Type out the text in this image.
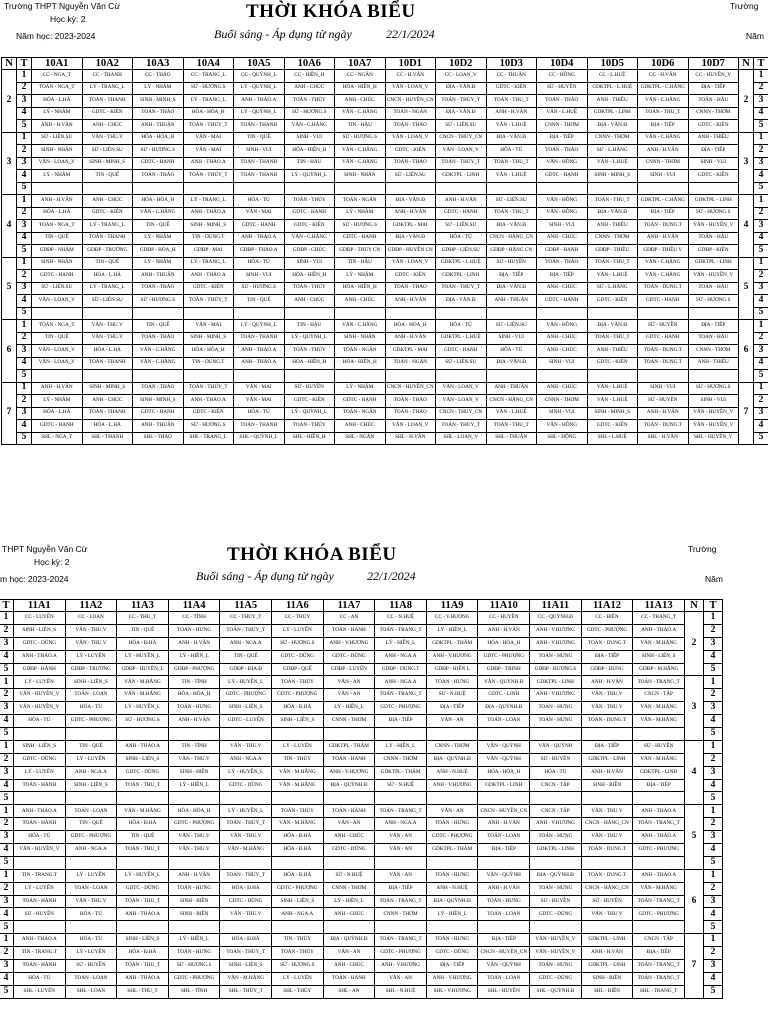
Trường THPT Nguyễn Văn Cừ
Học kỳ: 2
Năm học: 2023-2024
THỜI KHÓA BIỂU
Buổi sáng - Áp dụng từ ngày	22/1/2024
Trường
Năm
N	T	10A1	10A2	10A3	10A4	10A5	10A6	10A7	10D1	10D2	10D3	10D4	10D5	10D6	10D7	N	T
2	1	CC - NGA_T	CC - THANH	CC - THẢO	CC - TRANG_L	CC - QUỲNH_L	CC - HIỀN_H	CC - NGÂN	CC - H.VÂN	CC - LOAN_V	CC - THUẬN	CC - HỒNG	CC - L.HUỆ	CC - H.VÂN	CC - HUYỀN_V	2	1
	2	TOÁN - NGA_T	LÝ - TRANG_L	LÝ - NHÂM	SỬ - HƯƠNG.S	LÝ - QUỲNH_L	ANH - CHÚC	HÓA - HIỀN_H	VĂN - LOAN_V	ĐỊA - VĂN.Đ	GDTC - KIÊN	SỬ - HUYỀN	GDKTPL - L.HUỆ	GDKTPL - C.HẰNG	ĐỊA - TIẾP		2
	3	HÓA - L.HÀ	TOÁN - THANH	SINH - MINH_S	LÝ - TRANG_L	ANH - THẢO.A	TOÁN - THỦY	ANH - CHÚC	CNCN - HUYỀN_CN	TOÁN - THỦY_T	TOÁN - THU_T	TOÁN - THẢO	ANH - THIỀU	VĂN - C.HẰNG	TOÁN - HẬU		3
	4	LÝ - NHÂM	GDTC - KIÊN	TOÁN - THẢO	HÓA - HÒA_H	LÝ - QUỲNH_L	SỬ - HƯƠNG.S	VĂN - C.HẰNG	TOÁN - NGÂN	ĐỊA - VĂN.Đ	ANH - H.VÂN	VĂN - L.HUỆ	GDKTPL - LINH	TOÁN - THU_T	CNNN - THƠM		4
	5	ANH - H.VÂN	ANH - CHÚC	ANH - THUẬN	TOÁN - THỦY_T	TOÁN - THANH	VĂN - C.HẰNG	TIN - HẬU	TOÁN - THẢO	SỬ - LIÊN.SU	VĂN - L.HUỆ	CNNN - THƠM	ĐỊA - VĂN.Đ	ĐỊA - TIẾP	GDTC - KIÊN		5
3	1	SỬ - LIÊN.SU	VĂN - THU.V	HÓA - HÒA_H	VĂN - MAI	TIN - QUẾ	SINH - VUI	SỬ - HƯƠNG.S	VĂN - LOAN_V	CNCN - THỦY_CN	ĐỊA - VĂN.Đ	ĐỊA - TIẾP	CNNN - THƠM	VĂN - C.HẰNG	ANH - THIỀU	3	1
	2	SINH - NHÂN	SỬ - LIÊN.SU	SỬ - HƯƠNG.S	VĂN - MAI	SINH - VUI	HÓA - HIỀN_H	VĂN - C.HẰNG	GDTC - KIÊN	VĂN - LOAN_V	HÓA - TÚ	TOÁN - THẢO	SỬ - L.HẰNG	ANH - H.VÂN	ĐỊA - TIẾP		2
	3	VĂN - LOAN_V	SINH - MINH_S	GDTC - HẠNH	ANH - THẢO.A	TOÁN - THANH	TIN - HẬU	VĂN - C.HẰNG	TOÁN - THẢO	TOÁN - THỦY_T	TOÁN - THU_T	VĂN - HỒNG	VĂN - L.HUỆ	CNNN - THƠM	SINH - VUI		3
	4	LÝ - NHÂM	TIN - QUẾ	TOÁN - THẢO	TOÁN - THỦY_T	TOÁN - THANH	LÝ - QUỲNH_L	SINH - NHÂN	SỬ - LIÊN.SU	GDKTPL - LINH	VĂN - L.HUỆ	GDTC - HẠNH	SINH - MINH_S	SINH - VUI	GDTC - KIÊN		4
	5																5
4	1	ANH - H.VÂN	ANH - CHÚC	HÓA - HÒA_H	LÝ - TRANG_L	HÓA - TÚ	TOÁN - THỦY	TOÁN - NGÂN	ĐỊA - VĂN.Đ	ANH - H.VÂN	SỬ - LIÊN.SU	VĂN - HỒNG	TOÁN - THU_T	GDKTPL - C.HẰNG	GDKTPL - LINH	4	1
	2	HÓA - L.HÀ	GDTC - KIÊN	VĂN - C.HẰNG	ANH - THẢO.A	VĂN - MAI	GDTC - HẠNH	LÝ - NHÂM	ANH - H.VÂN	GDTC - HẠNH	TOÁN - THU_T	VĂN - HỒNG	ĐỊA - VĂN.Đ	ĐỊA - TIẾP	SỬ - HƯƠNG.S		2
	3	TOÁN - NGA_T	LÝ - TRANG_L	TIN - QUẾ	SINH - MINH_S	GDTC - HẠNH	GDTC - KIÊN	SỬ - HƯƠNG.S	GDKTPL - MAI	SỬ - LIÊN.SU	ĐỊA - VĂN.Đ	SINH - VUI	ANH - THIỀU	TOÁN - DUNG.T	VĂN - HUYỀN_V		3
	4	TIN - QUẾ	TOÁN - THANH	LÝ - NHÂM	TIN - DUNG.T	ANH - THẢO.A	VĂN - C.HẰNG	GDTC - HẠNH	ĐỊA - VĂN.Đ	HÓA - TÚ	CNCN - HẰNG_CN	ANH - CHÚC	CNNN - THƠM	ANH - H.VÂN	TOÁN - HẬU		4
	5	GDĐP - NHÂM	GDĐP - TRƯỜNG	GDĐP - HÒA_H	GDĐP - MAI	GDĐP - THẢO.A	GDĐP - CHÚC	GDĐP - THỦY CN	GDĐP - HUYỀN CN	GDĐP - LIÊN.SU	GDĐP - HẰNG CN	GDĐP - HẠNH	GDĐP - THIỀU	GDĐP - THIỀU V	GDĐP - KIÊN		5
5	1	SINH - NHÂN	TIN - QUẾ	LÝ - NHÂM	LÝ - TRANG_L	HÓA - TÚ	SINH - VUI	TIN - HẬU	VĂN - LOAN_V	GDKTPL - L.HUỆ	SỬ - HUYỀN	TOÁN - THẢO	TOÁN - THU_T	VĂN - C.HẰNG	GDKTPL - LINH	5	1
	2	GDTC - HẠNH	HÓA - L.HÀ	ANH - THUẬN	ANH - THẢO.A	SINH - VUI	HÓA - HIỀN_H	LÝ - NHÂM	GDTC - KIÊN	GDKTPL - LINH	ĐỊA - TIẾP	ĐỊA - TIẾP	VĂN - L.HUỆ	VĂN - C.HẰNG	VĂN - HUYỀN_V		2
	3	SỬ - LIÊN.SU	LÝ - TRANG_L	TOÁN - THẢO	GDTC - KIÊN	SỬ - HƯƠNG.S	TOÁN - THỦY	HÓA - HIỀN_H	TOÁN - THẢO	TOÁN - THỦY_T	ĐỊA - VĂN.Đ	ANH - CHÚC	SỬ - L.HẰNG	TOÁN - DUNG.T	TOÁN - HẬU		3
	4	VĂN - LOAN_V	SỬ - LIÊN.SU	SỬ - HƯƠNG.S	TOÁN - THỦY_T	TIN - QUẾ	ANH - CHÚC	ANH - CHÚC	ANH - H.VÂN	ĐỊA - VĂN.Đ	ANH - THUẬN	GDTC - HẠNH	GDTC - KIÊN	GDTC - HẠNH	SỬ - HƯƠNG.S		4
	5																5
6	1	TOÁN - NGA_T	VĂN - THU.V	TIN - QUẾ	VĂN - MAI	LÝ - QUỲNH_L	TIN - HẬU	VĂN - C.HẰNG	HÓA - HÒA_H	HÓA - TÚ	SỬ - LIÊN.SU	VĂN - HỒNG	ĐỊA - VĂN.Đ	SỬ - HUYỀN	ĐỊA - TIẾP	6	1
	2	TIN - QUẾ	VĂN - THU.V	TOÁN - THẢO	SINH - MINH_S	TOÁN - THANH	LÝ - QUỲNH_L	SINH - NHÂN	ANH - H.VÂN	GDKTPL - L.HUỆ	SINH - VUI	ANH - CHÚC	TOÁN - THU_T	GDTC - HẠNH	TOÁN - HẬU		2
	3	VĂN - LOAN_V	HÓA - L.HÀ	VĂN - C.HẰNG	HÓA - HÒA_H	ANH - THẢO.A	TOÁN - THỦY	TOÁN - NGÂN	GDKTPL - MAI	GDTC - HẠNH	HÓA - TÚ	ANH - CHÚC	ANH - THIỀU	TOÁN - DUNG.T	CNNN - THƠM		3
	4	VĂN - LOAN_V	TOÁN - THANH	VĂN - C.HẰNG	TIN - DUNG.T	ANH - THẢO.A	HÓA - HIỀN_H	HÓA - HIỀN_H	TOÁN - NGÂN	SỬ - LIÊN.SU	ĐỊA - VĂN.Đ	SINH - VUI	GDTC - KIÊN	TOÁN - DUNG.T	ANH - THIỀU		4
	5																5
7	1	ANH - H.VÂN	SINH - MINH_S	TOÁN - THẢO	TOÁN - THỦY_T	VĂN - MAI	SỬ - HUYỀN	LÝ - NHÂM	CNCN - HUYỀN_CN	VĂN - LOAN_V	ANH - THUẬN	ANH - CHÚC	VĂN - L.HUỆ	SINH - VUI	SỬ - HƯƠNG.S	7	1
	2	LÝ - NHÂM	ANH - CHÚC	SINH - MINH_S	ANH - THẢO.A	VĂN - MAI	GDTC - KIÊN	GDTC - HẠNH	TOÁN - THẢO	VĂN - LOAN_V	CNCN - HẰNG_CN	CNNN - THƠM	VĂN - L.HUỆ	SỬ - HUYỀN	SINH - VUI		2
	3	HÓA - L.HÀ	TOÁN - THANH	GDTC - HẠNH	GDTC - KIÊN	HÓA - TÚ	LÝ - QUỲNH_L	TOÁN - NGÂN	TOÁN - THẢO	CNCN - THỦY_CN	VĂN - L.HUỆ	SINH - VUI	SINH - MINH_S	ANH - H.VÂN	VĂN - HUYỀN_V		3
	4	GDTC - HẠNH	HÓA - L.HÀ	ANH - THUẬN	SỬ - HƯƠNG.S	TOÁN - THANH	TOÁN - THỦY	ANH - CHÚC	VĂN - LOAN_V	TOÁN - THỦY_T	TOÁN - THU_T	VĂN - HỒNG	GDTC - KIÊN	TOÁN - DUNG.T	VĂN - HUYỀN_V		4
	5	SHL - NGA_T	SHL - THANH	SHL - THẢO	SHL - TRANG_L	SHL - QUỲNH_L	SHL - HIỀN_H	SHL - NGÂN	SHL - H.VÂN	SHL - LOAN_V	SHL - THUẬN	SHL - HỒNG	SHL - L.HUỆ	SHL - H.VÂN	SHL - HUYỀN_V		5
THPT Nguyễn Văn Cừ
Học kỳ: 2
m học: 2023-2024
THỜI KHÓA BIỂU
Buổi sáng - Áp dụng từ ngày	22/1/2024
Trường
Năm
	T	11A1	11A2	11A3	11A4	11A5	11A6	11A7	11A8	11A9	11A10	11A11	11A12	11A13	N	T
	1	CC - LUYẾN	CC - LOAN	CC - THU_T	CC - TĨNH	CC - THỦY_T	CC - THỦY	CC - AN	CC - N.HUỆ	CC - V.HƯƠNG	CC - HUYỀN	CC - QUỲNH.Đ	CC - BIỀN	CC - TRANG_T	2	1
	2	SINH - LIÊN_S	VĂN - THU.V	TIN - QUẾ	TOÁN - HƯNG	TOÁN - THỦY_T	LÝ - LUYẾN	TOÁN - HÀNH	TOÁN - TRANG_T	LÝ - HIỀN_L	ANH - H.VÂN	ANH - V.HƯƠNG	GDTC - PHƯỢNG	ANH - THẢO.A		2
	3	GDTC - DŨNG	VĂN - THU.V	HÓA - Đ.HÀ	ANH - H.VÂN	ANH - NGA.A	SỬ - HƯƠNG.S	ANH - V.HƯƠNG	LÝ - HIỀN_L	GDKTPL - THÂM	HÓA - HÒA_H	ANH - V.HƯƠNG	TOÁN - DUNG.T	VĂN - M.HẰNG		3
	4	ANH - THẢO.A	LÝ - LUYẾN	LÝ - HUYỀN_L	LÝ - HIỀN_L	TIN - QUẾ	GDTC - DŨNG	GDTC - DŨNG	ANH - NGA.A	ANH - V.HƯƠNG	GDTC - PHƯỢNG	TOÁN - HƯNG	ĐỊA - TIẾP	SINH - LIÊN_S		4
	5	GDĐP - HÀNH	GDĐP - TRƯỜNG	GDĐP - HUYỀN_L	GDĐP - PHƯỢNG	GDĐP - ĐỊA.Đ	GDĐP - QUẾ	GDĐP - LUYẾN	GDĐP - DUNG.T	GDĐP - HIỀN L	GDĐP - TRINH	GDĐP - HƯƠNG.S	GDĐP - HÙNG	GDĐP - M.HẰNG		5
	1	LÝ - LUYẾN	SINH - LIÊN_S	VĂN - M.HẰNG	TIN - TĨNH	LÝ - HUYỀN_L	TOÁN - THỦY	VĂN - AN	ANH - NGA.A	TOÁN - HƯNG	VĂN - QUỲNH.Đ	GDKTPL - LINH	ANH - H.VÂN	TOÁN - TRANG_T	3	1
	2	VĂN - HUYỀN_V	TOÁN - LOAN	VĂN - M.HẰNG	HÓA - HÒA_H	GDTC - PHƯỢNG	GDTC - PHƯỢNG	VĂN - AN	TOÁN - TRANG_T	SỬ - N.HUỆ	GDTC - LINH	ANH - V.HƯƠNG	VĂN - THU.V	CNCN - TẬP		2
	3	VĂN - HUYỀN_V	HÓA - TÚ	LÝ - HUYỀN_L	TOÁN - HƯNG	SINH - LIÊN_S	HÓA - Đ.HÀ	LÝ - HIỀN_L	GDTC - PHƯỢNG	ĐỊA - TIẾP	ĐỊA - QUỲNH.Đ	TOÁN - HƯNG	VĂN - THU.V	VĂN - M.HẰNG		3
	4	HÓA - TÚ	GDTC - PHƯỢNG	SỬ - HƯƠNG.S	ANH - H.VÂN	GDTC - LUYẾN	SINH - LIÊN_S	CNNN - THƠM	ĐỊA - TIẾP	VĂN - AN	TOÁN - LOAN	TOÁN - HƯNG	TOÁN - DUNG.T	VĂN - M.HẰNG		4
	5															5
	1	SINH - LIÊN_S	TIN - QUẾ	ANH - THẢO.A	TIN - TĨNH	VĂN - THU.V	LÝ - LUYẾN	GDKTPL - THÂM	LÝ - HIỀN_L	CNNN - THƠM	VĂN - QUỲNH	VĂN - QUỲNH	ĐỊA - TIẾP	SỬ - HUYỀN	4	1
	2	GDTC - DŨNG	LÝ - LUYẾN	SINH - LIÊN_S	VĂN - THU.V	ANH - NGA.A	TIN - THỦY	TOÁN - HÀNH	CNNN - THƠM	ĐỊA - QUỲNH.Đ	VĂN - QUỲNH	SỬ - HUYỀN	GDKTPL - LINH	VĂN - M.HẰNG		2
	3	LÝ - LUYẾN	ANH - NGA.A	GDTC - DŨNG	SINH - HIỀN	LÝ - HUYỀN_L	VĂN - M.HẰNG	ANH - V.HƯƠNG	GDKTPL - THÂM	ANH - N.HUỆ	HÓA - HÒA_H	HÓA - TÚ	ANH - H.VÂN	GDKTPL - LINH		3
	4	TOÁN - HÀNH	SINH - LIÊN_S	TOÁN - THU_T	LÝ - HIỀN_L	GDTC - DŨNG	VĂN - M.HẰNG	ĐỊA - QUỲNH.Đ	SỬ - N.HUỆ	ANH - V.HƯƠNG	GDKTPL - LINH	CNCN - TẬP	SINH - BIỀN	ĐỊA - TIẾP		4
	5															5
	1	ANH - THẢO.A	TOÁN - LOAN	VĂN - M.HẰNG	HÓA - HÒA_H	LÝ - HUYỀN_L	TOÁN - THỦY	TOÁN - HÀNH	TOÁN - TRANG_T	VĂN - AN	CNCN - HUYỀN_CN	CNCN - TẬP	VĂN - THU.V	ANH - THẢO.A	5	1
	2	TOÁN - HÀNH	TIN - QUẾ	HÓA - Đ.HÀ	GDTC - PHƯỢNG	TOÁN - THỦY_T	VĂN - M.HẰNG	VĂN - AN	ANH - NGA.A	TOÁN - HƯNG	ANH - H.VÂN	ANH - V.HƯƠNG	CNCN - HẰNG_CN	TOÁN - TRANG_T		2
	3	HÓA - TÚ	GDTC - PHƯỢNG	TIN - QUẾ	VĂN - THU.V	VĂN - THU.V	HÓA - Đ.HÀ	ANH - CHÚC	VĂN - AN	GDTC - PHƯỢNG	TOÁN - LOAN	TOÁN - HƯNG	VĂN - THU.V	ANH - THẢO.A		3
	4	VĂN - HUYỀN_V	ANH - NGA.A	TOÁN - THU_T	VĂN - THU.V	VĂN - M.HẰNG	HÓA - Đ.HÀ	GDTC - DŨNG	VĂN - AN	GDKTPL - THÂM	ĐỊA - TIẾP	GDKTPL - LINH	TOÁN - DUNG.T	GDTC - PHƯỢNG		4
	5															5
	1	TIN - TRANG.T	LÝ - LUYẾN	LÝ - HUYỀN_L	ANH - H.VÂN	TOÁN - THỦY_T	HÓA - Đ.HÀ	SỬ - N.HUỆ	VĂN - AN	TOÁN - HƯNG	VĂN - QUỲNH	ĐỊA - QUỲNH.Đ	TOÁN - DUNG.T	ANH - THẢO.A	6	1
	2	LÝ - LUYẾN	TOÁN - LOAN	GDTC - DŨNG	TOÁN - HƯNG	HÓA - Đ.HÀ	GDTC - PHƯỢNG	CNNN - THƠM	ĐỊA - TIẾP	ANH - N.HUỆ	ANH - H.VÂN	TOÁN - HƯNG	CNCN - HẰNG_CN	VĂN - M.HẰNG		2
	3	TOÁN - HÀNH	VĂN - THU.V	TOÁN - THU_T	SINH - BIỀN	GDTC - DŨNG	SINH - LIÊN_S	LÝ - HIỀN_L	TOÁN - TRANG_T	ĐỊA - QUỲNH.Đ	TOÁN - HƯNG	SỬ - HUYỀN	SỬ - HUYỀN	TOÁN - TRANG_T		3
	4	SỬ - HUYỀN	HÓA - TÚ	ANH - THẢO.A	SINH - BIỀN	VĂN - THU.V	ANH - NGA.A	ANH - CHÚC	CNNN - THƠM	LÝ - HIỀN_L	TOÁN - LOAN	GDTC - DŨNG	VĂN - THU.V	GDTC - PHƯỢNG		4
	5															5
	1	ANH - THẢO.A	HÓA - TÚ	SINH - LIÊN_S	LÝ - HIỀN_L	HÓA - Đ.HÀ	TIN - THỦY	ĐỊA - QUỲNH.Đ	TOÁN - TRANG_T	TOÁN - HƯNG	ĐỊA - TIẾP	VĂN - HUYỀN_V	GDKTPL - LINH	CNCN - TẬP	7	1
	2	TIN - TRANG.T	LÝ - LUYẾN	HÓA - Đ.HÀ	TOÁN - HƯNG	TOÁN - THỦY_T	TOÁN - THỦY	VĂN - AN	GDTC - PHƯỢNG	GDTC - DŨNG	CNCN - HUYỀN_CN	VĂN - HUYỀN_V	ANH - H.VÂN	ĐỊA - TIẾP		2
	3	TOÁN - HÀNH	SỬ - HUYỀN	TOÁN - THU_T	SỬ - HƯƠNG.S	SINH - LIÊN_S	SỬ - HƯƠNG.S	ANH - CHÚC	ANH - V.HƯƠNG	ĐỊA - TIẾP	VĂN - QUỲNH	TOÁN - HƯNG	GDKTPL - LINH	TOÁN - TRANG_T		3
	4	HÓA - TÚ	TOÁN - LOAN	ANH - THẢO.A	GDTC - PHƯỢNG	VĂN - M.HẰNG	LÝ - LUYẾN	TOÁN - HÀNH	VĂN - AN	ANH - V.HƯƠNG	TOÁN - LOAN	GDTC - DŨNG	SINH - BIỀN	TOÁN - TRANG_T		4
	5	SHL - LUYẾN	SHL - LOAN	SHL - THU_T	SHL - TĨNH	SHL - THỦY_T	SHL - THỦY	SHL - AN	SHL - N.HUỆ	SHL - V.HƯƠNG	SHL - HUYỀN	SHL - QUỲNH.Đ	SHL - BIỀN	SHL - TRANG_T		5
